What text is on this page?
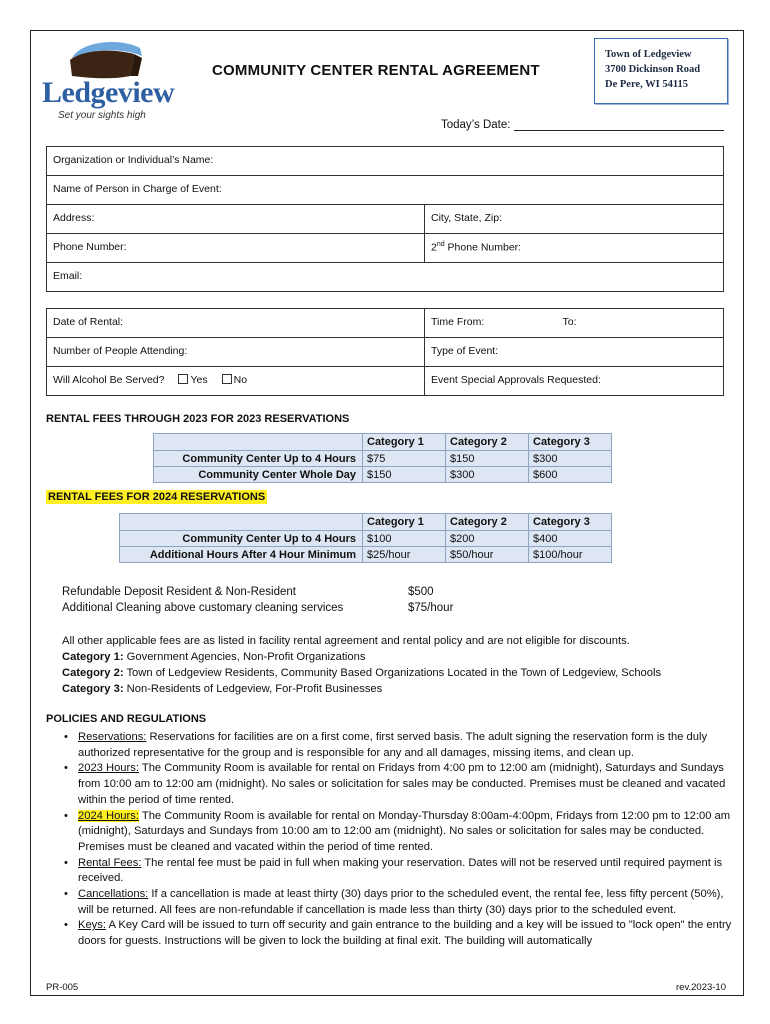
Ledgeview
Set your sights high
COMMUNITY CENTER RENTAL AGREEMENT
Town of Ledgeview
3700 Dickinson Road
De Pere, WI 54115
Today’s Date:
Organization or Individual’s Name:	
Name of Person in Charge of Event:	
Address:	City, State, Zip:
Phone Number:	2nd Phone Number:
Email:	
Date of Rental:	Time From: To:

Number of People Attending:	Type of Event:
Will Alcohol Be Served? Yes No	Event Special Approvals Requested:
RENTAL FEES THROUGH 2023 FOR 2023 RESERVATIONS
	Category 1	Category 2	Category 3
Community Center Up to 4 Hours	$75	$150	$300
Community Center Whole Day	$150	$300	$600
RENTAL FEES FOR 2024 RESERVATIONS
	Category 1	Category 2	Category 3
Community Center Up to 4 Hours	$100	$200	$400
Additional Hours After 4 Hour Minimum	$25/hour	$50/hour	$100/hour
Refundable Deposit Resident & Non-Resident	$500
Additional Cleaning above customary cleaning services	$75/hour
All other applicable fees are as listed in facility rental agreement and rental policy and are not eligible for discounts.
Category 1: Government Agencies, Non-Profit Organizations
Category 2: Town of Ledgeview Residents, Community Based Organizations Located in the Town of Ledgeview, Schools
Category 3: Non-Residents of Ledgeview, For-Profit Businesses
POLICIES AND REGULATIONS
• Reservations: Reservations for facilities are on a first come, first served basis. The adult signing the reservation form is the duly authorized representative for the group and is responsible for any and all damages, missing items, and clean up.
• 2023 Hours: The Community Room is available for rental on Fridays from 4:00 pm to 12:00 am (midnight), Saturdays and Sundays from 10:00 am to 12:00 am (midnight). No sales or solicitation for sales may be conducted. Premises must be cleaned and vacated within the period of time rented.
• 2024 Hours: The Community Room is available for rental on Monday-Thursday 8:00am-4:00pm, Fridays from 12:00 pm to 12:00 am (midnight), Saturdays and Sundays from 10:00 am to 12:00 am (midnight). No sales or solicitation for sales may be conducted. Premises must be cleaned and vacated within the period of time rented.
• Rental Fees: The rental fee must be paid in full when making your reservation. Dates will not be reserved until required payment is received.
• Cancellations: If a cancellation is made at least thirty (30) days prior to the scheduled event, the rental fee, less fifty percent (50%), will be returned. All fees are non-refundable if cancellation is made less than thirty (30) days prior to the scheduled event.
• Keys: A Key Card will be issued to turn off security and gain entrance to the building and a key will be issued to "lock open" the entry doors for guests. Instructions will be given to lock the building at final exit. The building will automatically
PR-005	rev.2023-10
